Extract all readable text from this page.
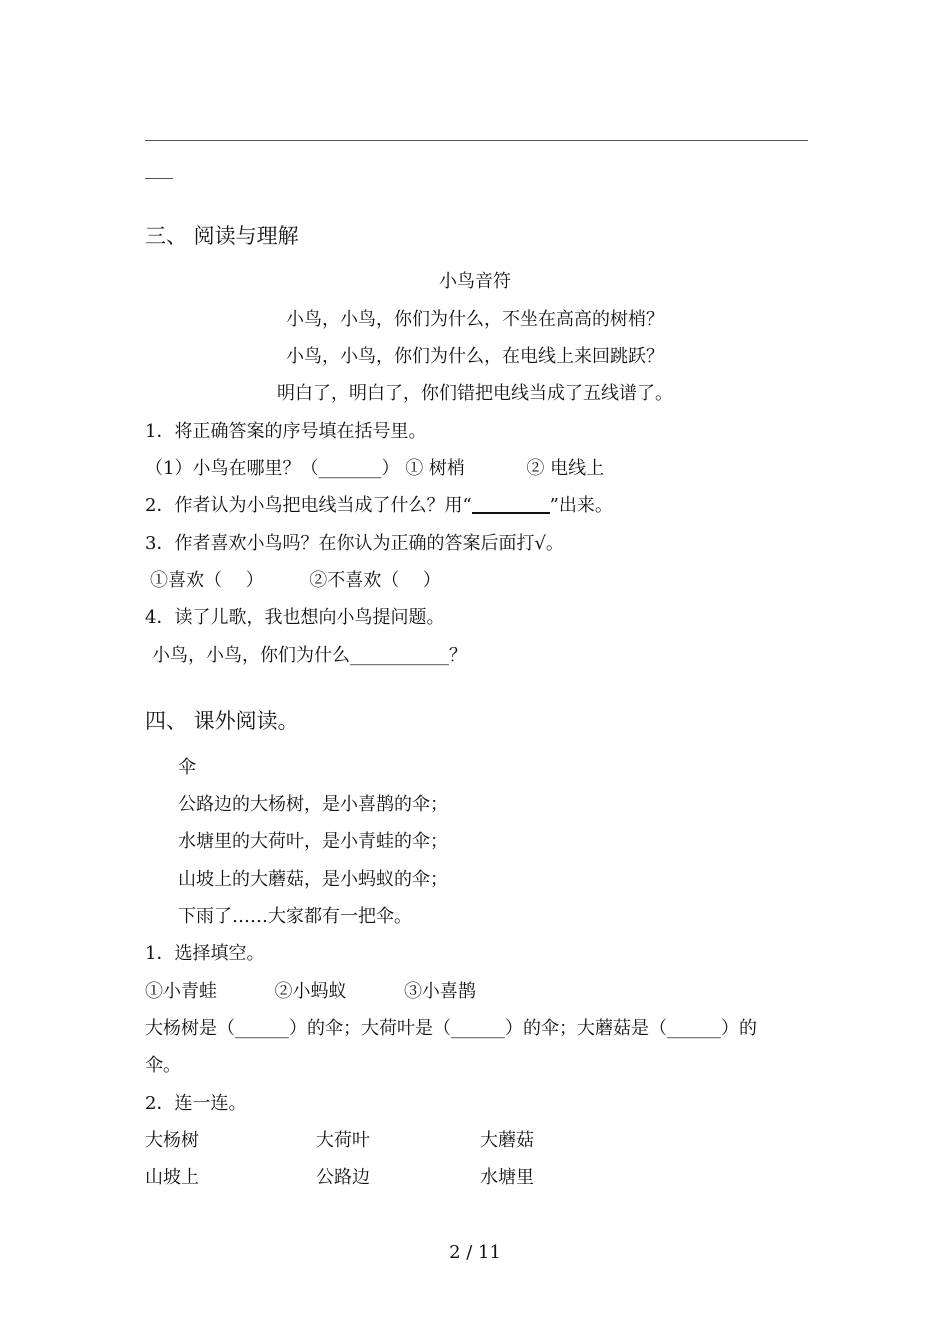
三、 阅读与理解
小鸟音符
小鸟，小鸟，你们为什么，不坐在高高的树梢？
小鸟，小鸟，你们为什么，在电线上来回跳跃？
明白了，明白了，你们错把电线当成了五线谱了。
1．将正确答案的序号填在括号里。
（1）小鸟在哪里？（_______） ① 树梢	② 电线上
2．作者认为小鸟把电线当成了什么？用“	”出来。
3．作者喜欢小鸟吗？在你认为正确的答案后面打√。
①喜欢（　 ）	②不喜欢（　 ）
4．读了儿歌，我也想向小鸟提问题。
小鸟，小鸟，你们为什么___________？
四、 课外阅读。
伞
公路边的大杨树，是小喜鹊的伞；
水塘里的大荷叶，是小青蛙的伞；
山坡上的大蘑菇，是小蚂蚁的伞；
下雨了……大家都有一把伞。
1．选择填空。
①小青蛙	②小蚂蚁	③小喜鹊
大杨树是（______）的伞；大荷叶是（______）的伞；大蘑菇是（______）的
伞。
2．连一连。
大杨树	大荷叶	大蘑菇
山坡上	公路边	水塘里
2 / 11
